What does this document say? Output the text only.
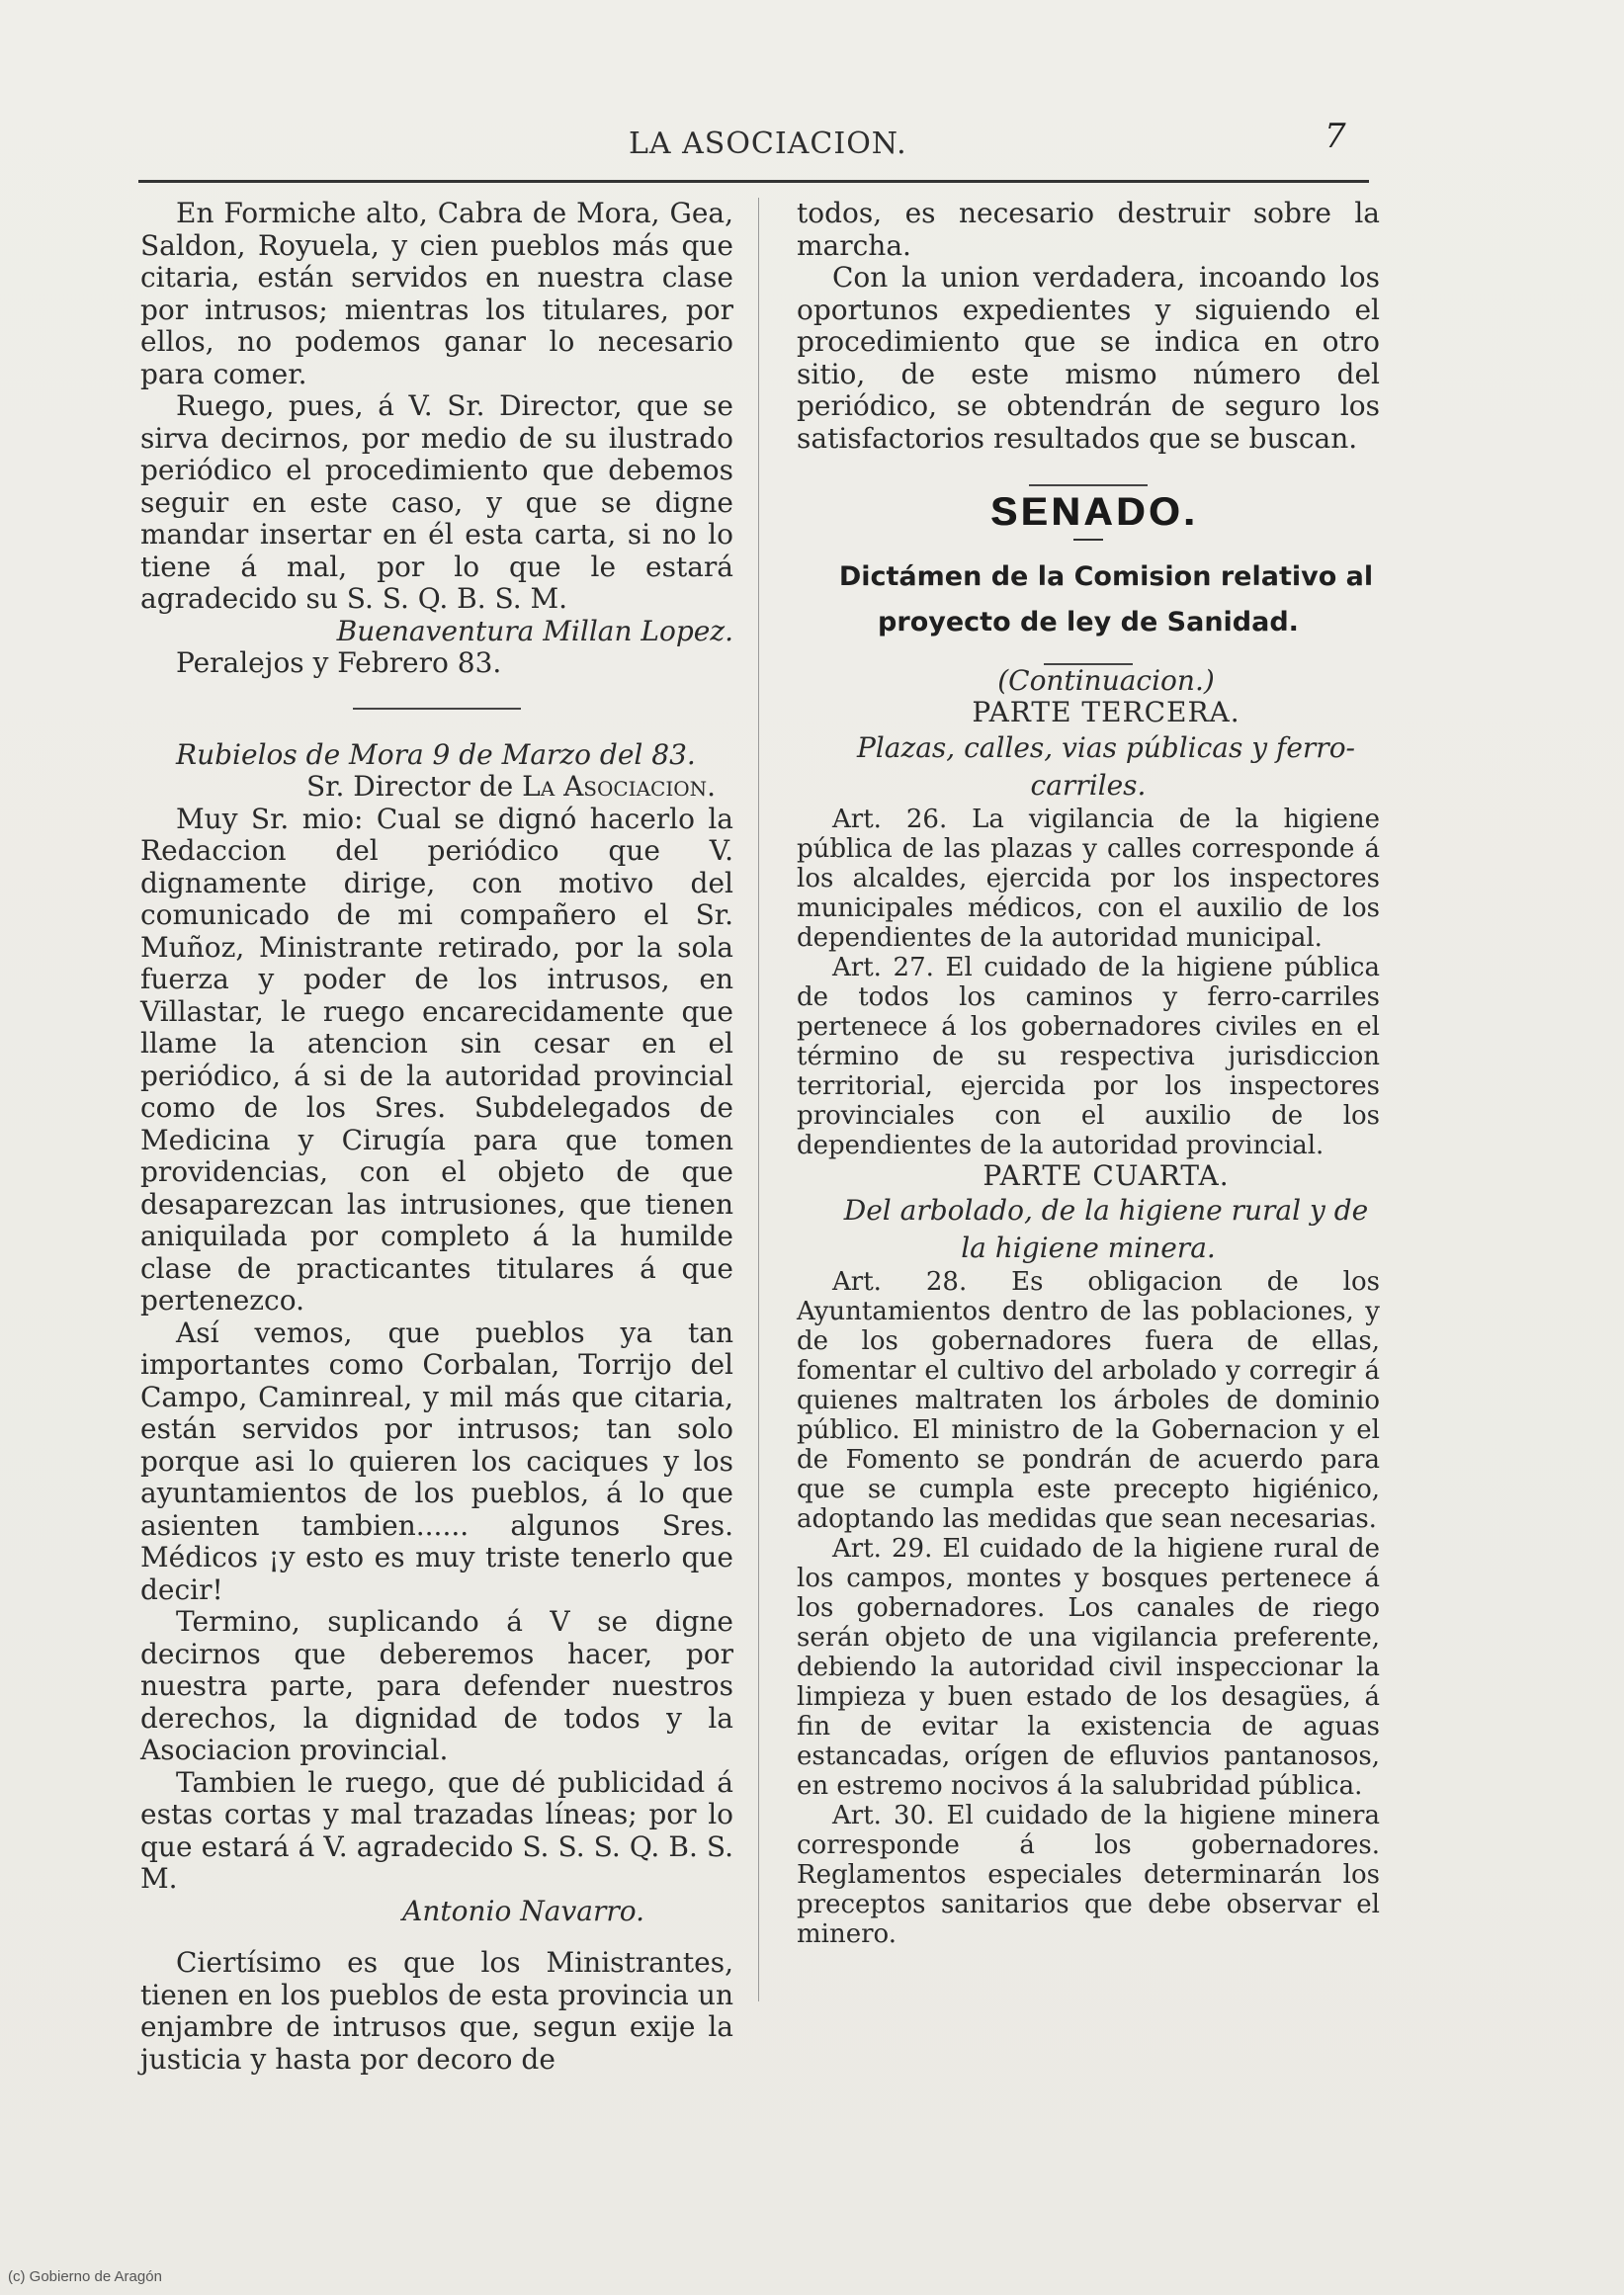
LA ASOCIACION.	7

En Formiche alto, Cabra de Mora, Gea, Saldon, Royuela, y cien pueblos más que citaria, están servidos en nuestra clase por intrusos; mientras los titulares, por ellos, no podemos ganar lo necesario para comer.

Ruego, pues, á V. Sr. Director, que se sirva decirnos, por medio de su ilustrado periódico el procedimiento que debemos seguir en este caso, y que se digne mandar insertar en él esta carta, si no lo tiene á mal, por lo que le estará agradecido su S. S. Q. B. S. M.

Buenaventura Millan Lopez.

Peralejos y Febrero 83.

Rubielos de Mora 9 de Marzo del 83.

Sr. Director de La Asociacion.

Muy Sr. mio: Cual se dignó hacerlo la Redaccion del periódico que V. dignamente dirige, con motivo del comunicado de mi compañero el Sr. Muñoz, Ministrante retirado, por la sola fuerza y poder de los intrusos, en Villastar, le ruego encarecidamente que llame la atencion sin cesar en el periódico, á si de la autoridad provincial como de los Sres. Subdelegados de Medicina y Cirugía para que tomen providencias, con el objeto de que desaparezcan las intrusiones, que tienen aniquilada por completo á la humilde clase de practicantes titulares á que pertenezco.

Así vemos, que pueblos ya tan importantes como Corbalan, Torrijo del Campo, Caminreal, y mil más que citaria, están servidos por intrusos; tan solo porque asi lo quieren los caciques y los ayuntamientos de los pueblos, á lo que asienten tambien...... algunos Sres. Médicos ¡y esto es muy triste tenerlo que decir!

Termino, suplicando á V se digne decirnos que deberemos hacer, por nuestra parte, para defender nuestros derechos, la dignidad de todos y la Asociacion provincial.

Tambien le ruego, que dé publicidad á estas cortas y mal trazadas líneas; por lo que estará á V. agradecido S. S. S. Q. B. S. M.

Antonio Navarro.

Ciertísimo es que los Ministrantes, tienen en los pueblos de esta provincia un enjambre de intrusos que, segun exije la justicia y hasta por decoro de

todos, es necesario destruir sobre la marcha.

Con la union verdadera, incoando los oportunos expedientes y siguiendo el procedimiento que se indica en otro sitio, de este mismo número del periódico, se obtendrán de seguro los satisfactorios resultados que se buscan.

SENADO.

Dictámen de la Comision relativo al proyecto de ley de Sanidad.

(Continuacion.)

PARTE TERCERA.

Plazas, calles, vias públicas y ferro-carriles.

Art. 26. La vigilancia de la higiene pública de las plazas y calles corresponde á los alcaldes, ejercida por los inspectores municipales médicos, con el auxilio de los dependientes de la autoridad municipal.

Art. 27. El cuidado de la higiene pública de todos los caminos y ferro-carriles pertenece á los gobernadores civiles en el término de su respectiva jurisdiccion territorial, ejercida por los inspectores provinciales con el auxilio de los dependientes de la autoridad provincial.

PARTE CUARTA.

Del arbolado, de la higiene rural y de la higiene minera.

Art. 28. Es obligacion de los Ayuntamientos dentro de las poblaciones, y de los gobernadores fuera de ellas, fomentar el cultivo del arbolado y corregir á quienes maltraten los árboles de dominio público. El ministro de la Gobernacion y el de Fomento se pondrán de acuerdo para que se cumpla este precepto higiénico, adoptando las medidas que sean necesarias.

Art. 29. El cuidado de la higiene rural de los campos, montes y bosques pertenece á los gobernadores. Los canales de riego serán objeto de una vigilancia preferente, debiendo la autoridad civil inspeccionar la limpieza y buen estado de los desagües, á fin de evitar la existencia de aguas estancadas, orígen de efluvios pantanosos, en estremo nocivos á la salubridad pública.

Art. 30. El cuidado de la higiene minera corresponde á los gobernadores. Reglamentos especiales determinarán los preceptos sanitarios que debe observar el minero.

(c) Gobierno de Aragón
